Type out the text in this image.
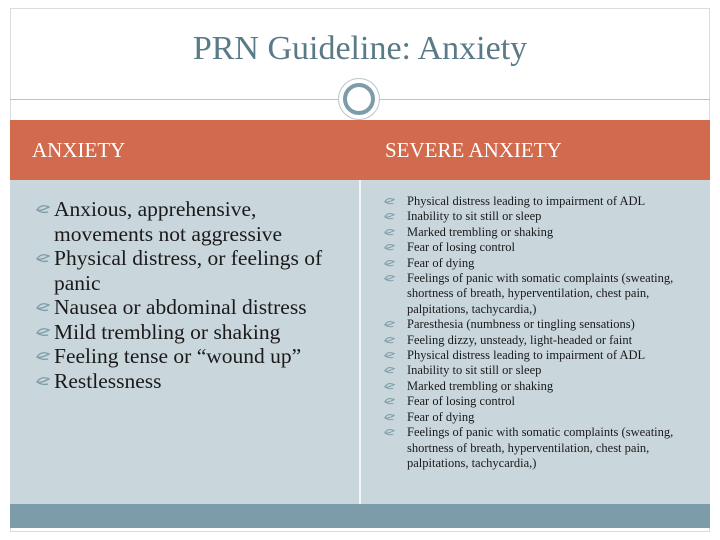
PRN Guideline: Anxiety
ANXIETY	SEVERE ANXIETY
Anxious, apprehensive, movements not aggressive
Physical distress, or feelings of panic
Nausea or abdominal distress
Mild trembling or shaking
Feeling tense or “wound up”
Restlessness
Physical distress leading to impairment of ADL
Inability to sit still or sleep
Marked trembling or shaking
Fear of losing control
Fear of dying
Feelings of panic with somatic complaints (sweating, shortness of breath, hyperventilation, chest pain, palpitations, tachycardia,)
Paresthesia (numbness or tingling sensations)
Feeling dizzy, unsteady, light-headed or faint
Physical distress leading to impairment of ADL
Inability to sit still or sleep
Marked trembling or shaking
Fear of losing control
Fear of dying
Feelings of panic with somatic complaints (sweating, shortness of breath, hyperventilation, chest pain, palpitations, tachycardia,)
